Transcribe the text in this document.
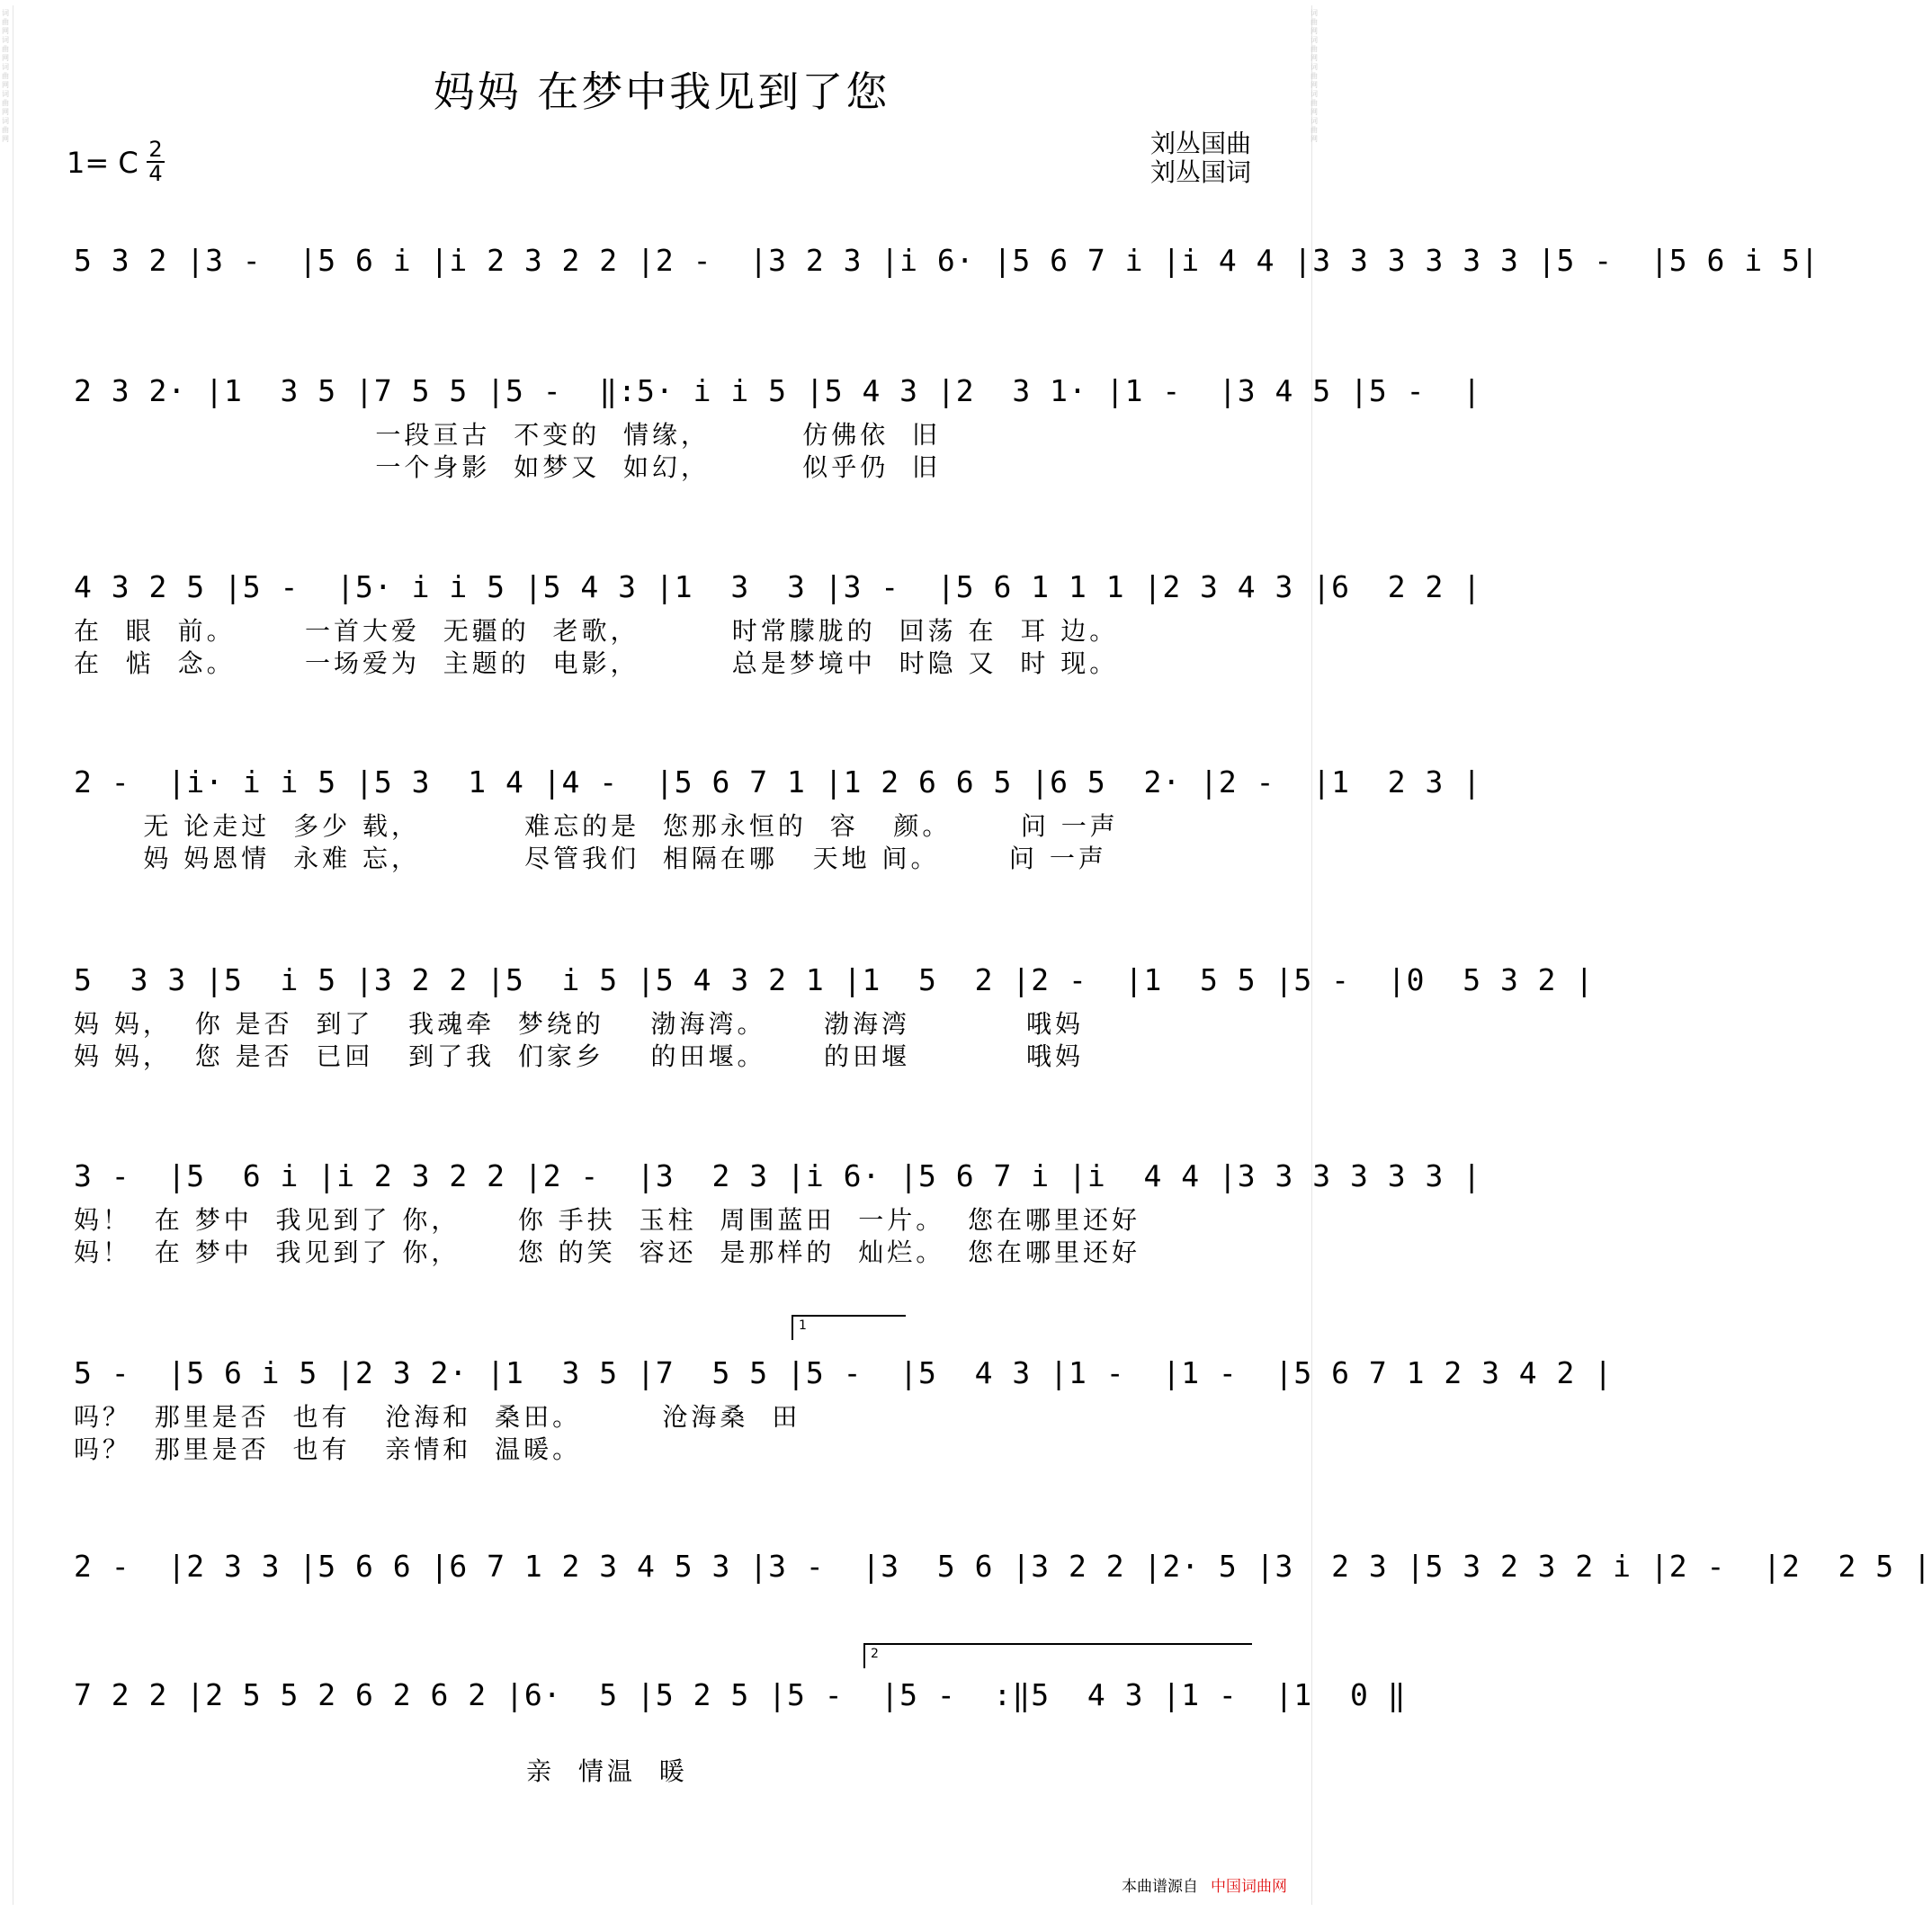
词曲网词曲网词曲网词曲网词曲网
词曲网词曲网词曲网词曲网词曲网
妈妈 在梦中我见到了您
刘丛国曲
刘丛国词
1= C 2
4
5 3 2 |3 -  |5 6 i |i 2 3 2 2 |2 -  |3 2 3 |i 6· |5 6 7 i |i 4 4 |3 3 3 3 3 3 |5 -  |5 6 i 5|
2 3 2· |1  3 5 |7 5 5 |5 -  ‖:5· i i 5 |5 4 3 |2  3 1· |1 -  |3 4 5 |5 -  |
一段亘古  不变的  情缘，        仿佛依  旧
一个身影  如梦又  如幻，        似乎仍  旧
4 3 2 5 |5 -  |5· i i 5 |5 4 3 |1  3  3 |3 -  |5 6 1 1 1 |2 3 4 3 |6  2 2 |
在  眼  前。      一首大爱  无疆的  老歌，        时常朦胧的  回荡 在  耳 边。
在  惦  念。      一场爱为  主题的  电影，        总是梦境中  时隐 又  时 现。
2 -  |i· i i 5 |5 3  1 4 |4 -  |5 6 7 1 |1 2 6 6 5 |6 5  2· |2 -  |1  2 3 |
无 论走过  多少 载，         难忘的是  您那永恒的  容   颜。      问 一声
妈 妈恩情  永难 忘，         尽管我们  相隔在哪   天地 间。      问 一声
5  3 3 |5  i 5 |3 2 2 |5  i 5 |5 4 3 2 1 |1  5  2 |2 -  |1  5 5 |5 -  |0  5 3 2 |
妈 妈，  你 是否  到了   我魂牵  梦绕的    渤海湾。     渤海湾          哦妈
妈 妈，  您 是否  已回   到了我  们家乡    的田堰。     的田堰          哦妈
3 -  |5  6 i |i 2 3 2 2 |2 -  |3  2 3 |i 6· |5 6 7 i |i  4 4 |3 3 3 3 3 3 |
妈！  在 梦中  我见到了 你，     你 手扶  玉柱  周围蓝田  一片。  您在哪里还好
妈！  在 梦中  我见到了 你，     您 的笑  容还  是那样的  灿烂。  您在哪里还好
1
5 -  |5 6 i 5 |2 3 2· |1  3 5 |7  5 5 |5 -  |5  4 3 |1 -  |1 -  |5 6 7 1 2 3 4 2 |
吗？  那里是否  也有   沧海和  桑田。       沧海桑  田
吗？  那里是否  也有   亲情和  温暖。
2 -  |2 3 3 |5 6 6 |6 7 1 2 3 4 5 3 |3 -  |3  5 6 |3 2 2 |2· 5 |3  2 3 |5 3 2 3 2 i |2 -  |2  2 5 |
2
7 2 2 |2 5 5 2 6 2 6 2 |6·  5 |5 2 5 |5 -  |5 -  :‖5  4 3 |1 -  |1  0 ‖
亲  情温  暖
本曲谱源自 中国词曲网
